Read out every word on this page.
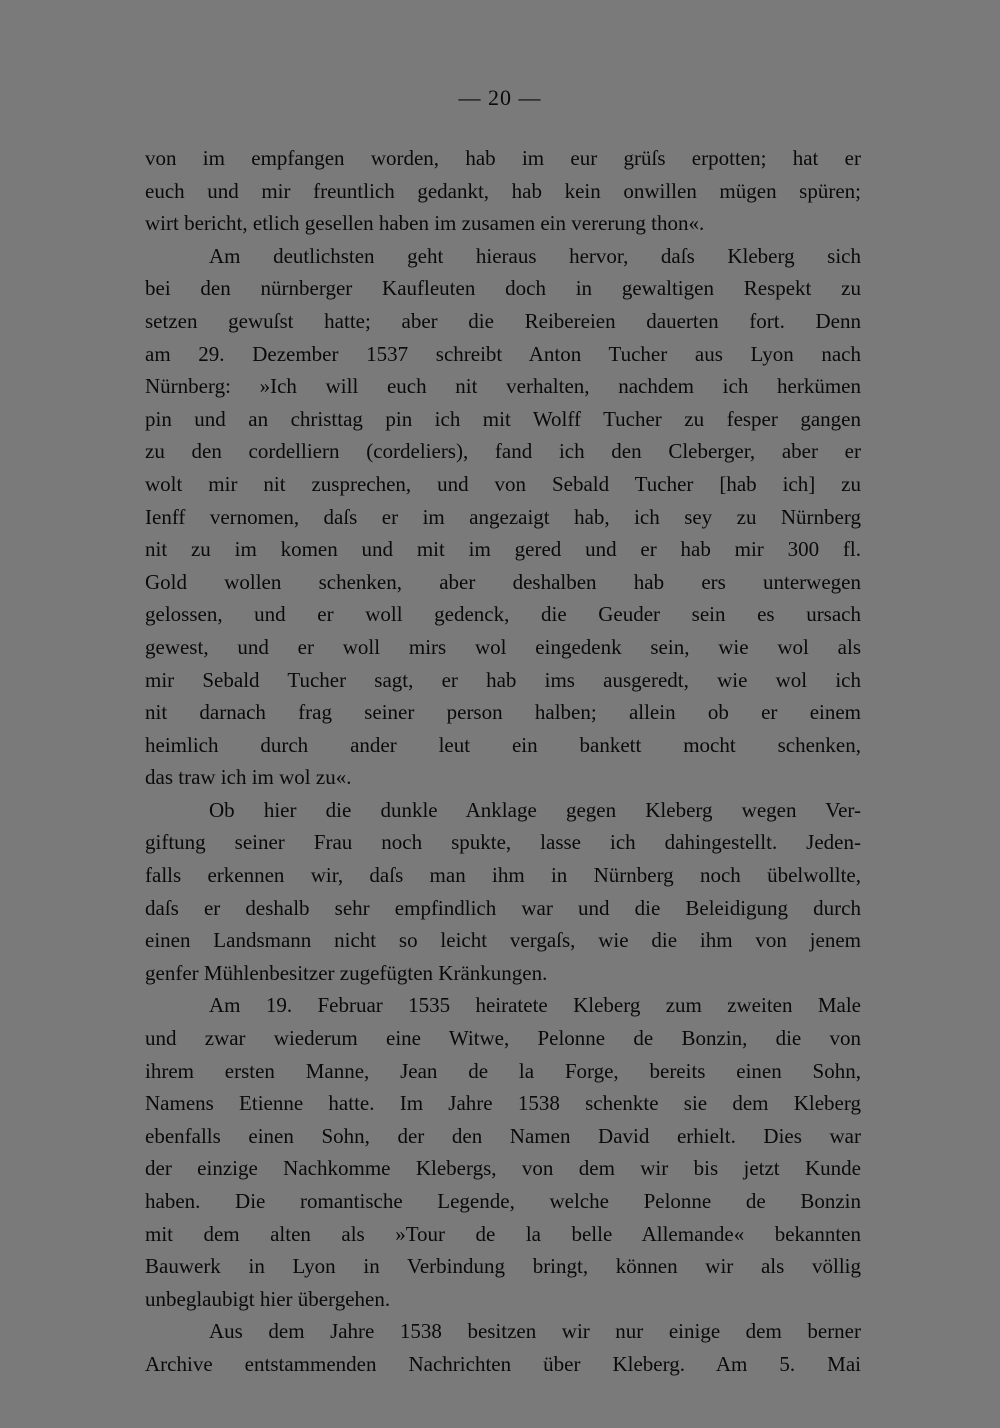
— 20 —
von im empfangen worden, hab im eur grüſs erpotten; hat er
euch und mir freuntlich gedankt, hab kein onwillen mügen spüren;
wirt bericht, etlich gesellen haben im zusamen ein vererung thon«.
Am deutlichsten geht hieraus hervor, daſs Kleberg sich
bei den nürnberger Kaufleuten doch in gewaltigen Respekt zu
setzen gewuſst hatte; aber die Reibereien dauerten fort. Denn
am 29. Dezember 1537 schreibt Anton Tucher aus Lyon nach
Nürnberg: »Ich will euch nit verhalten, nachdem ich herkümen
pin und an christtag pin ich mit Wolff Tucher zu fesper gangen
zu den cordelliern (cordeliers), fand ich den Cleberger, aber er
wolt mir nit zusprechen, und von Sebald Tucher [hab ich] zu
Ienff vernomen, daſs er im angezaigt hab, ich sey zu Nürnberg
nit zu im komen und mit im gered und er hab mir 300 fl.
Gold wollen schenken, aber deshalben hab ers unterwegen
gelossen, und er woll gedenck, die Geuder sein es ursach
gewest, und er woll mirs wol eingedenk sein, wie wol als
mir Sebald Tucher sagt, er hab ims ausgeredt, wie wol ich
nit darnach frag seiner person halben; allein ob er einem
heimlich durch ander leut ein bankett mocht schenken,
das traw ich im wol zu«.
Ob hier die dunkle Anklage gegen Kleberg wegen Ver-
giftung seiner Frau noch spukte, lasse ich dahingestellt. Jeden-
falls erkennen wir, daſs man ihm in Nürnberg noch übelwollte,
daſs er deshalb sehr empfindlich war und die Beleidigung durch
einen Landsmann nicht so leicht vergaſs, wie die ihm von jenem
genfer Mühlenbesitzer zugefügten Kränkungen.
Am 19. Februar 1535 heiratete Kleberg zum zweiten Male
und zwar wiederum eine Witwe, Pelonne de Bonzin, die von
ihrem ersten Manne, Jean de la Forge, bereits einen Sohn,
Namens Etienne hatte. Im Jahre 1538 schenkte sie dem Kleberg
ebenfalls einen Sohn, der den Namen David erhielt. Dies war
der einzige Nachkomme Klebergs, von dem wir bis jetzt Kunde
haben. Die romantische Legende, welche Pelonne de Bonzin
mit dem alten als »Tour de la belle Allemande« bekannten
Bauwerk in Lyon in Verbindung bringt, können wir als völlig
unbeglaubigt hier übergehen.
Aus dem Jahre 1538 besitzen wir nur einige dem berner
Archive entstammenden Nachrichten über Kleberg. Am 5. Mai
